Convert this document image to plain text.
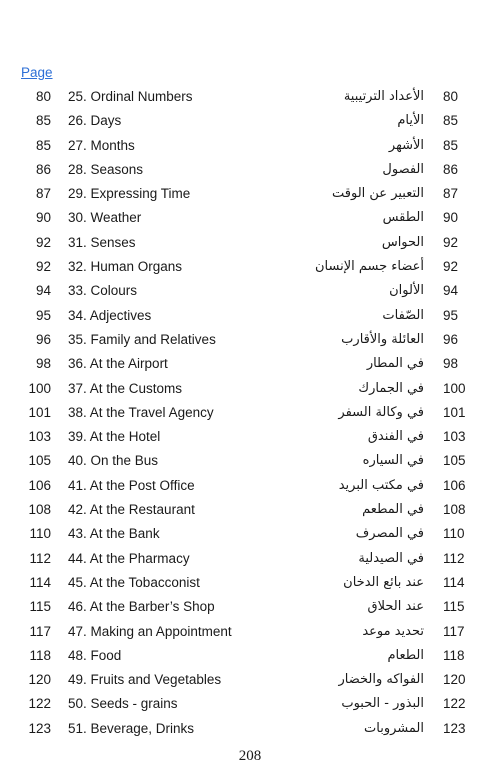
Page
80 25. Ordinal Numbers	الأعداد الترتيبية 80
85 26. Days	الأيام 85
85 27. Months	الأشهر 85
86 28. Seasons	الفصول 86
87 29. Expressing Time	التعبير عن الوقت 87
90 30. Weather	الطقس 90
92 31. Senses	الحواس 92
92 32. Human Organs	أعضاء جسم الإنسان 92
94 33. Colours	الألوان 94
95 34. Adjectives	الصّفات 95
96 35. Family and Relatives	العائلة والأقارب 96
98 36. At the Airport	في المطار 98
100 37. At the Customs	في الجمارك 100
101 38. At the Travel Agency	في وكالة السفر 101
103 39. At the Hotel	في الفندق 103
105 40. On the Bus	في السياره 105
106 41. At the Post Office	في مكتب البريد 106
108 42. At the Restaurant	في المطعم 108
110 43. At the Bank	في المصرف 110
112 44. At the Pharmacy	في الصيدلية 112
114 45. At the Tobacconist	عند بائع الدخان 114
115 46. At the Barber’s Shop	عند الحلاق 115
117 47. Making an Appointment	تحديد موعد 117
118 48. Food	الطعام 118
120 49. Fruits and Vegetables	الفواكه والخضار 120
122 50. Seeds - grains	البذور - الحبوب 122
123 51. Beverage, Drinks	المشروبات 123
208
